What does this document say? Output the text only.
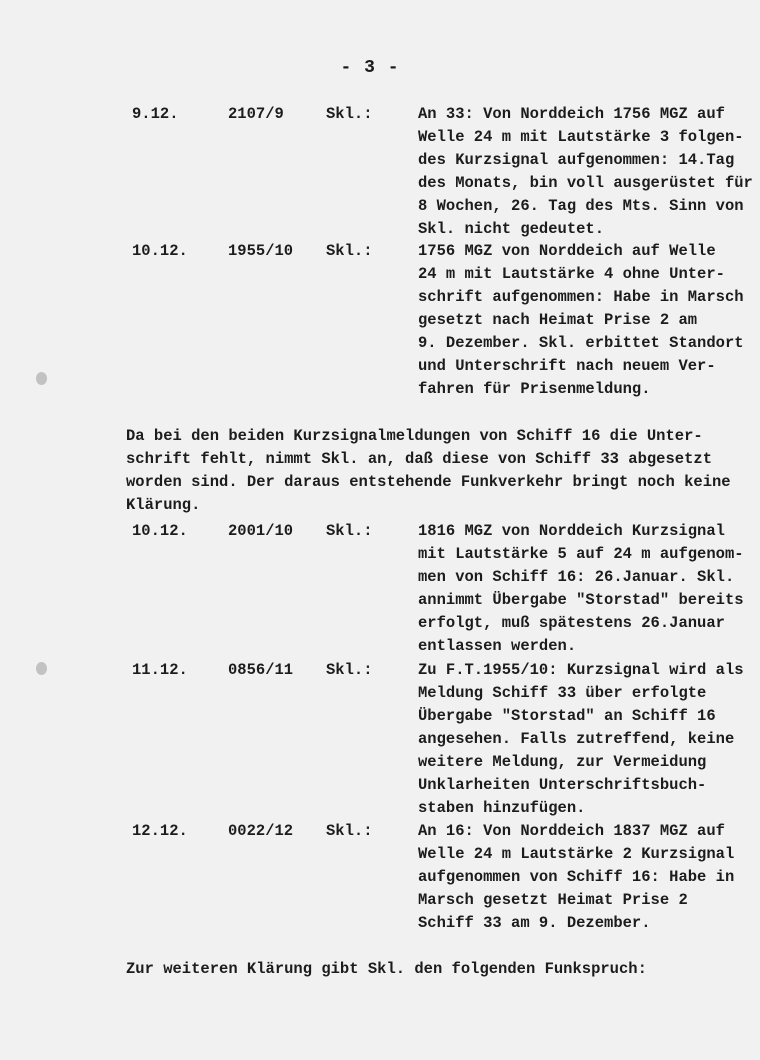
- 3 -
9.12.	2107/9	Skl.:	An 33: Von Norddeich 1756 MGZ auf
Welle 24 m mit Lautstärke 3 folgen-
des Kurzsignal aufgenommen: 14.Tag
des Monats, bin voll ausgerüstet für
8 Wochen, 26. Tag des Mts. Sinn von
Skl. nicht gedeutet.
10.12.	1955/10 Skl.:	1756 MGZ von Norddeich auf Welle
24 m mit Lautstärke 4 ohne Unter-
schrift aufgenommen: Habe in Marsch
gesetzt nach Heimat Prise 2 am
9. Dezember. Skl. erbittet Standort
und Unterschrift nach neuem Ver-
fahren für Prisenmeldung.
Da bei den beiden Kurzsignalmeldungen von Schiff 16 die Unter-
schrift fehlt, nimmt Skl. an, daß diese von Schiff 33 abgesetzt
worden sind. Der daraus entstehende Funkverkehr bringt noch keine
Klärung.
10.12.	2001/10 Skl.:	1816 MGZ von Norddeich Kurzsignal
mit Lautstärke 5 auf 24 m aufgenom-
men von Schiff 16: 26.Januar. Skl.
annimmt Übergabe "Storstad" bereits
erfolgt, muß spätestens 26.Januar
entlassen werden.
11.12.	0856/11 Skl.:	Zu F.T.1955/10: Kurzsignal wird als
Meldung Schiff 33 über erfolgte
Übergabe "Storstad" an Schiff 16
angesehen. Falls zutreffend, keine
weitere Meldung, zur Vermeidung
Unklarheiten Unterschriftsbuch-
staben hinzufügen.
12.12.	0022/12 Skl.:	An 16: Von Norddeich 1837 MGZ auf
Welle 24 m Lautstärke 2 Kurzsignal
aufgenommen von Schiff 16: Habe in
Marsch gesetzt Heimat Prise 2
Schiff 33 am 9. Dezember.
Zur weiteren Klärung gibt Skl. den folgenden Funkspruch:
